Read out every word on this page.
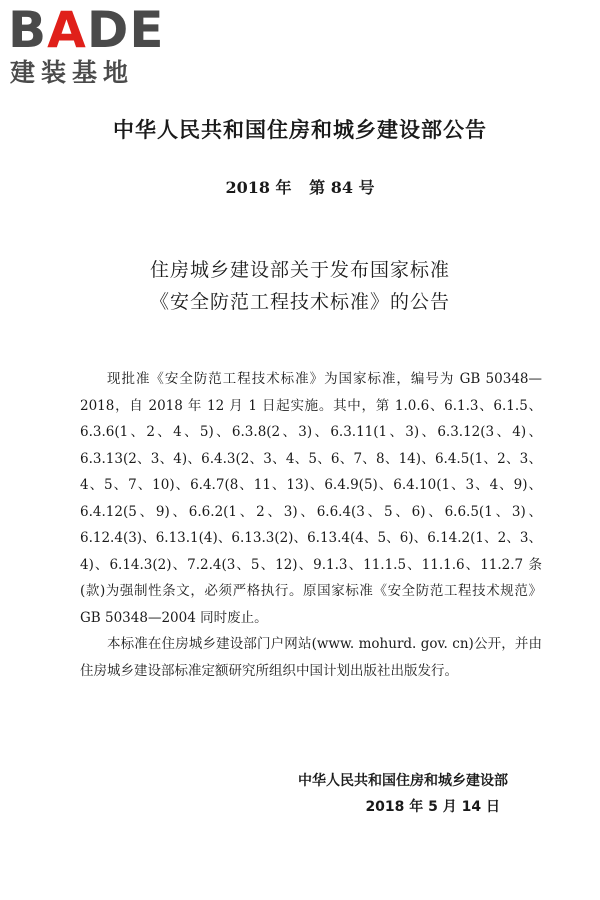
BADE
建装基地
中华人民共和国住房和城乡建设部公告
2018 年 第 84 号
住房城乡建设部关于发布国家标准
《安全防范工程技术标准》的公告

现批准《安全防范工程技术标准》为国家标准，编号为 GB 50348—2018，自 2018 年 12 月 1 日起实施。其中，第 1.0.6、6.1.3、6.1.5、6.3.6(1、2、4、5)、6.3.8(2、3)、6.3.11(1、3)、6.3.12(3、4)、6.3.13(2、3、4)、6.4.3(2、3、4、5、6、7、8、14)、6.4.5(1、2、3、4、5、7、10)、6.4.7(8、11、13)、6.4.9(5)、6.4.10(1、3、4、9)、6.4.12(5、9)、6.6.2(1、2、3)、6.6.4(3、5、6)、6.6.5(1、3)、6.12.4(3)、6.13.1(4)、6.13.3(2)、6.13.4(4、5、6)、6.14.2(1、2、3、4)、6.14.3(2)、7.2.4(3、5、12)、9.1.3、11.1.5、11.1.6、11.2.7 条(款)为强制性条文，必须严格执行。原国家标准《安全防范工程技术规范》GB 50348—2004 同时废止。

本标准在住房城乡建设部门户网站(www. mohurd. gov. cn)公开，并由住房城乡建设部标准定额研究所组织中国计划出版社出版发行。

中华人民共和国住房和城乡建设部
2018 年 5 月 14 日
